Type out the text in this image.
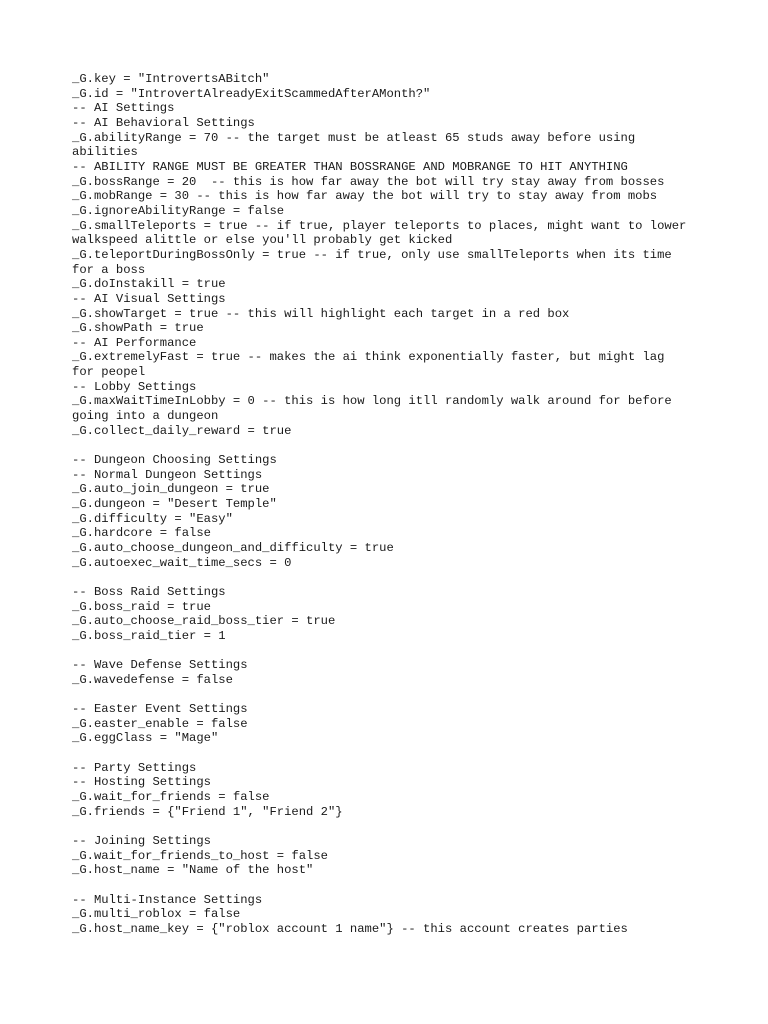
_G.key = "IntrovertsABitch"
_G.id = "IntrovertAlreadyExitScammedAfterAMonth?"
-- AI Settings
-- AI Behavioral Settings
_G.abilityRange = 70 -- the target must be atleast 65 studs away before using abilities
-- ABILITY RANGE MUST BE GREATER THAN BOSSRANGE AND MOBRANGE TO HIT ANYTHING
_G.bossRange = 20  -- this is how far away the bot will try stay away from bosses
_G.mobRange = 30 -- this is how far away the bot will try to stay away from mobs
_G.ignoreAbilityRange = false
_G.smallTeleports = true -- if true, player teleports to places, might want to lower walkspeed alittle or else you'll probably get kicked
_G.teleportDuringBossOnly = true -- if true, only use smallTeleports when its time for a boss
_G.doInstakill = true
-- AI Visual Settings
_G.showTarget = true -- this will highlight each target in a red box
_G.showPath = true
-- AI Performance
_G.extremelyFast = true -- makes the ai think exponentially faster, but might lag for peopel
-- Lobby Settings
_G.maxWaitTimeInLobby = 0 -- this is how long itll randomly walk around for before going into a dungeon
_G.collect_daily_reward = true
-- Dungeon Choosing Settings
-- Normal Dungeon Settings
_G.auto_join_dungeon = true
_G.dungeon = "Desert Temple"
_G.difficulty = "Easy"
_G.hardcore = false
_G.auto_choose_dungeon_and_difficulty = true
_G.autoexec_wait_time_secs = 0
-- Boss Raid Settings
_G.boss_raid = true
_G.auto_choose_raid_boss_tier = true
_G.boss_raid_tier = 1
-- Wave Defense Settings
_G.wavedefense = false
-- Easter Event Settings
_G.easter_enable = false
_G.eggClass = "Mage"
-- Party Settings
-- Hosting Settings
_G.wait_for_friends = false
_G.friends = {"Friend 1", "Friend 2"}
-- Joining Settings
_G.wait_for_friends_to_host = false
_G.host_name = "Name of the host"
-- Multi-Instance Settings
_G.multi_roblox = false
_G.host_name_key = {"roblox account 1 name"} -- this account creates parties
